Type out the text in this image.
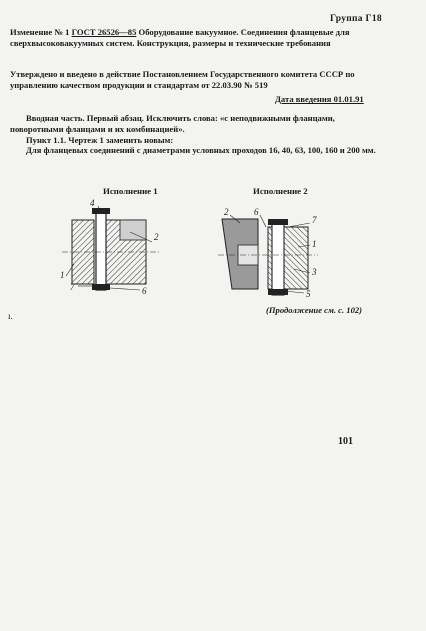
Группа Г18
Изменение № 1 ГОСТ 26526—85 Оборудование вакуумное. Соединения фланцевые для сверхвысоковакуумных систем. Конструкция, размеры и технические требования
Утверждено и введено в действие Постановлением Государственного комитета СССР по управлению качеством продукции и стандартам от 22.03.90 № 519
Дата введения 01.01.91
Вводная часть. Первый абзац. Исключить слова: «с неподвижными фланцами, поворотными фланцами и их комбинацией».
Пункт 1.1. Чертеж 1 заменить новым:
Для фланцевых соединений с диаметрами условных проходов 16, 40, 63, 100, 160 и 200 мм.
Исполнение 1	Исполнение 2
4
2
1
7	6
2	6
7
1
3
5
ı.
(Продолжение см. с. 102)
101
